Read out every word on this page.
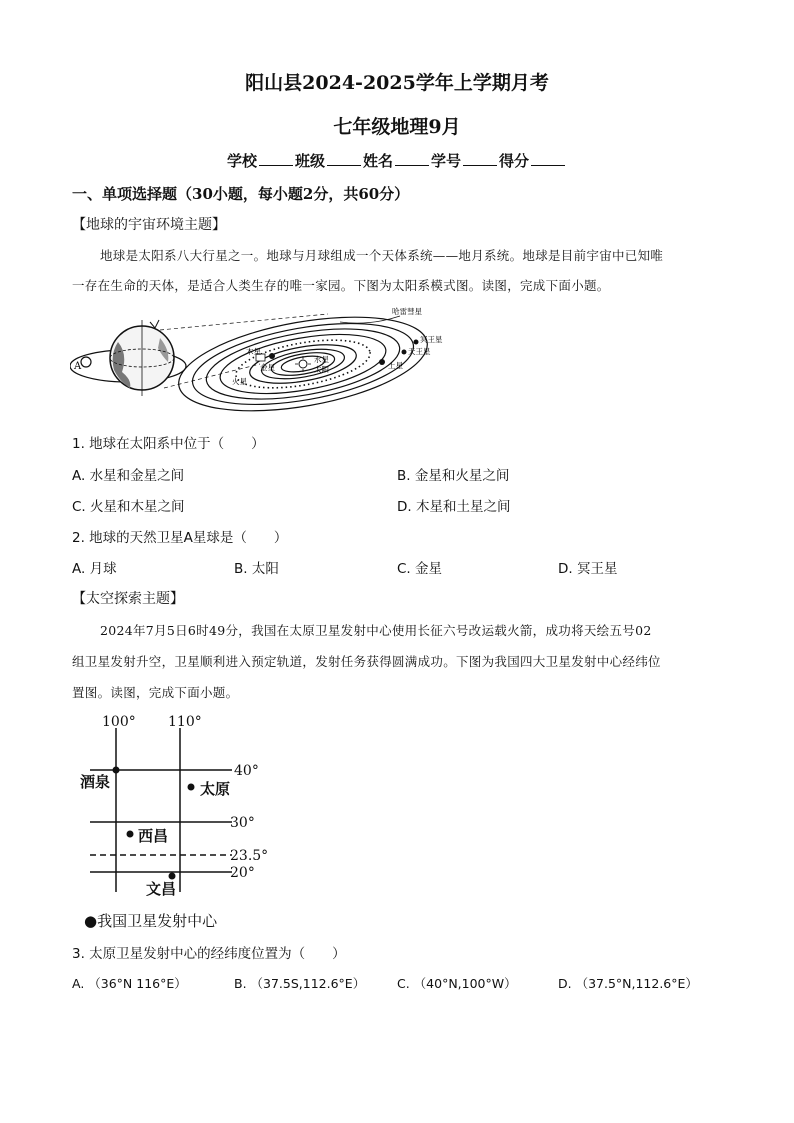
阳山县2024-2025学年上学期月考
七年级地理9月
学校	班级	姓名	学号	得分
一、单项选择题（30小题，每小题2分，共60分）
【地球的宇宙环境主题】
地球是太阳系八大行星之一。地球与月球组成一个天体系统——地月系统。地球是目前宇宙中已知唯
一存在生命的天体，是适合人类生存的唯一家园。下图为太阳系模式图。读图，完成下面小题。
A
哈雷彗星
冥王星
天王星
土星
木星
水星
太阳
金星
火星
1. 地球在太阳系中位于（　　）
A. 水星和金星之间	B. 金星和火星之间
C. 火星和木星之间	D. 木星和土星之间
2. 地球的天然卫星A星球是（　　）
A. 月球	B. 太阳	C. 金星	D. 冥王星
【太空探索主题】
2024年7月5日6时49分，我国在太原卫星发射中心使用长征六号改运载火箭，成功将天绘五号02
组卫星发射升空，卫星顺利进入预定轨道，发射任务获得圆满成功。下图为我国四大卫星发射中心经纬位
置图。读图，完成下面小题。
100° 110°
40°
30°
23.5°
20°
酒泉	太原
西昌
文昌
●我国卫星发射中心
3. 太原卫星发射中心的经纬度位置为（　　）
A. （36°N 116°E）	B. （37.5S,112.6°E）	C. （40°N,100°W）	D. （37.5°N,112.6°E）
